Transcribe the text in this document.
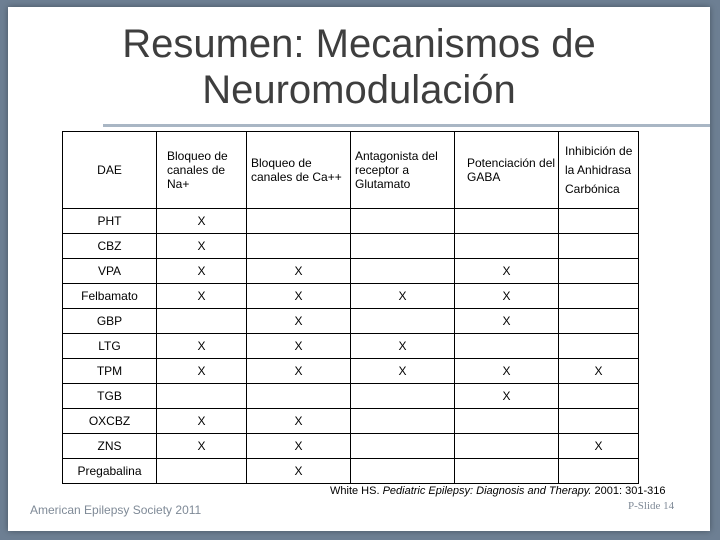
Resumen: Mecanismos de
Neuromodulación
DAE	Bloqueo de canales de Na+	Bloqueo de canales de Ca++	Antagonista del receptor a Glutamato	Potenciación del GABA	Inhibición de la Anhidrasa Carbónica
PHT	X				
CBZ	X				
VPA	X	X		X	
Felbamato	X	X	X	X	
GBP		X		X	
LTG	X	X	X		
TPM	X	X	X	X	X
TGB				X	
OXCBZ	X	X			
ZNS	X	X			X
Pregabalina		X			
White HS. Pediatric Epilepsy: Diagnosis and Therapy. 2001: 301-316
American Epilepsy Society 2011	P-Slide 14
